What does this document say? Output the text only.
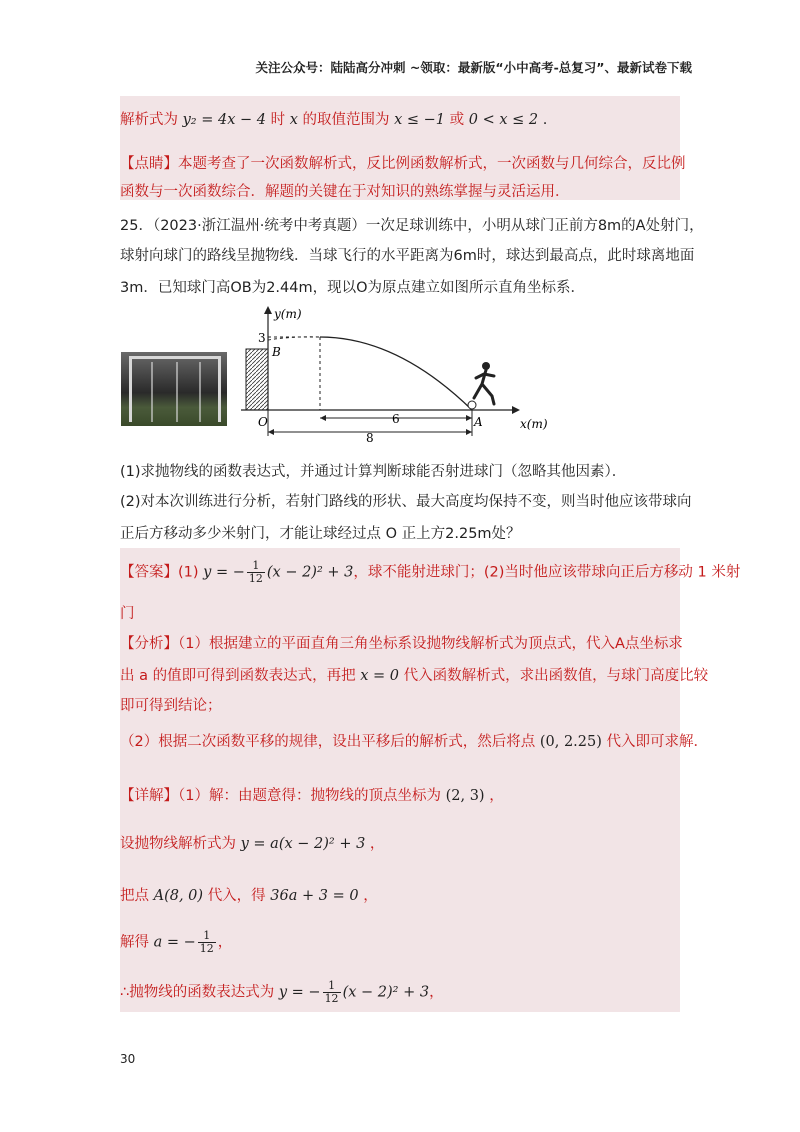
关注公众号：陆陆高分冲刺 ~领取：最新版“小中高考-总复习”、最新试卷下载
解析式为 y₂ = 4x − 4 时 x 的取值范围为 x ≤ −1 或 0 < x ≤ 2 .
【点睛】本题考查了一次函数解析式，反比例函数解析式，一次函数与几何综合，反比例
函数与一次函数综合．解题的关键在于对知识的熟练掌握与灵活运用．
25．（2023·浙江温州·统考中考真题）一次足球训练中，小明从球门正前方8m的A处射门，
球射向球门的路线呈抛物线．当球飞行的水平距离为6m时，球达到最高点，此时球离地面
3m．已知球门高OB为2.44m，现以O为原点建立如图所示直角坐标系．
y(m)
x(m)
3
B
O	A
6
8
(1)求抛物线的函数表达式，并通过计算判断球能否射进球门（忽略其他因素）．
(2)对本次训练进行分析，若射门路线的形状、最大高度均保持不变，则当时他应该带球向
正后方移动多少米射门，才能让球经过点 O 正上方2.25m处？
【答案】(1) y = − $\frac{1}{12} (x - 2)^2 + 3$，球不能射进球门；(2)当时他应该带球向正后方移动 1 米射
门
【分析】（1）根据建立的平面直角三角坐标系设抛物线解析式为顶点式，代入A点坐标求
出 a 的值即可得到函数表达式，再把 x = 0 代入函数解析式，求出函数值，与球门高度比较
即可得到结论；
（2）根据二次函数平移的规律，设出平移后的解析式，然后将点 (0, 2.25) 代入即可求解．
【详解】（1）解：由题意得：抛物线的顶点坐标为 (2, 3) ，
设抛物线解析式为 y = a(x − 2)² + 3 ，
把点 A(8, 0) 代入，得 36a + 3 = 0 ，
解得 a = − $\frac{1}{12}$ ，
∴抛物线的函数表达式为 y = − $\frac{1}{12} (x - 2)^2 + 3$，
30
